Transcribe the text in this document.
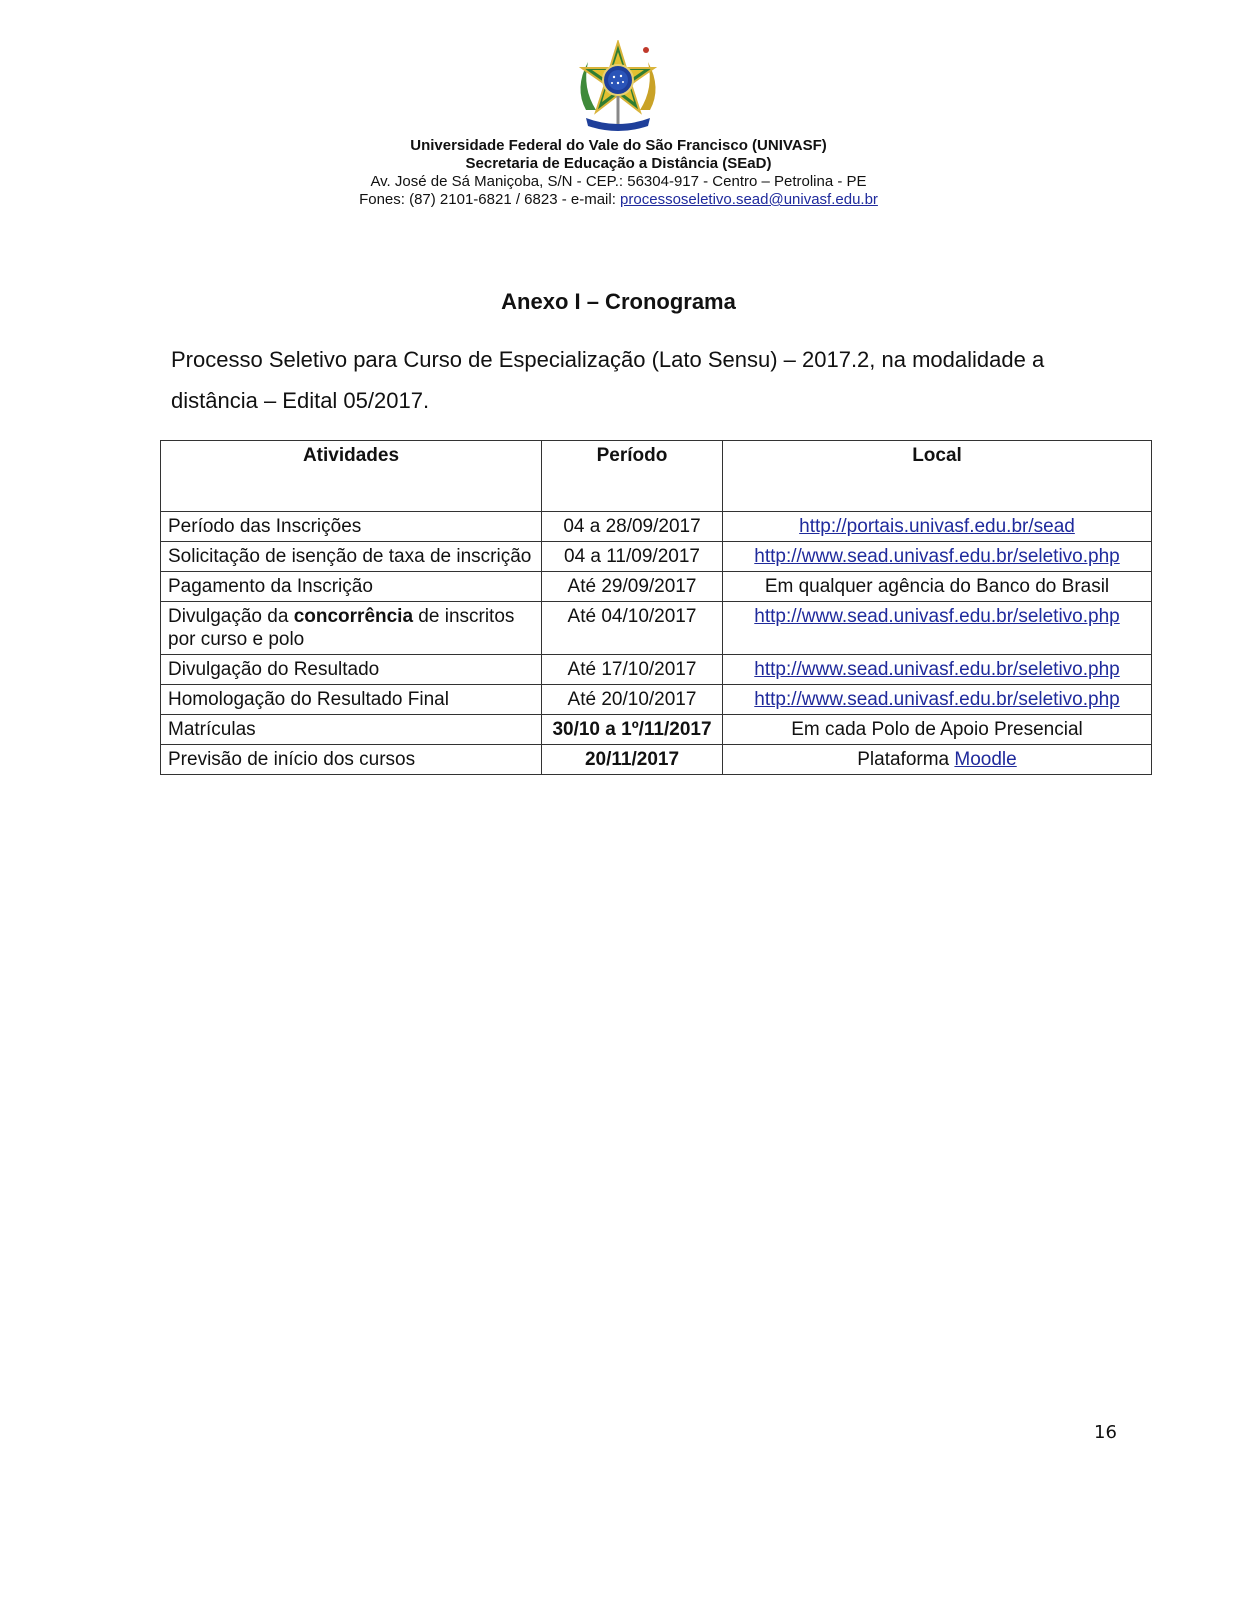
Universidade Federal do Vale do São Francisco (UNIVASF)
Secretaria de Educação a Distância (SEaD)
Av. José de Sá Maniçoba, S/N - CEP.: 56304-917 - Centro – Petrolina - PE
Fones: (87) 2101-6821 / 6823 - e-mail: processoseletivo.sead@univasf.edu.br
Anexo I – Cronograma
Processo Seletivo para Curso de Especialização (Lato Sensu) – 2017.2, na modalidade a distância – Edital 05/2017.
Atividades	Período	Local
Período das Inscrições	04 a 28/09/2017	http://portais.univasf.edu.br/sead
Solicitação de isenção de taxa de inscrição	04 a 11/09/2017	http://www.sead.univasf.edu.br/seletivo.php
Pagamento da Inscrição	Até 29/09/2017	Em qualquer agência do Banco do Brasil
Divulgação da concorrência de inscritos por curso e polo	Até 04/10/2017	http://www.sead.univasf.edu.br/seletivo.php
Divulgação do Resultado	Até 17/10/2017	http://www.sead.univasf.edu.br/seletivo.php
Homologação do Resultado Final	Até 20/10/2017	http://www.sead.univasf.edu.br/seletivo.php
Matrículas	30/10 a 1º/11/2017	Em cada Polo de Apoio Presencial
Previsão de início dos cursos	20/11/2017	Plataforma Moodle
16
